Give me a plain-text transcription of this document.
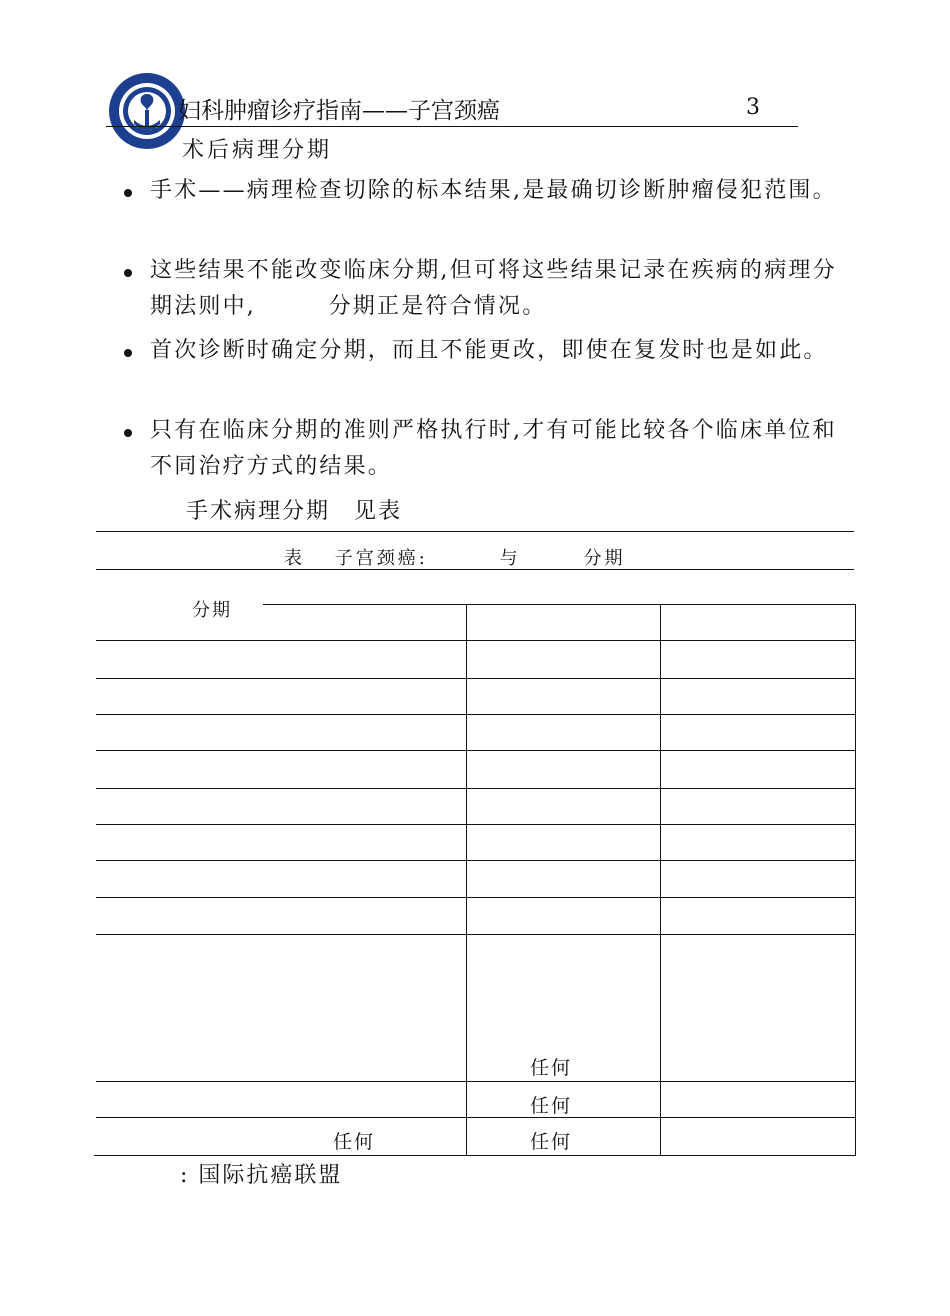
妇科肿瘤诊疗指南——子宫颈癌	3
术后病理分期
手术——病理检查切除的标本结果,是最确切诊断肿瘤侵犯范围。
这些结果不能改变临床分期,但可将这些结果记录在疾病的病理分期法则中,　　　分期正是符合情况。
首次诊断时确定分期，而且不能更改，即使在复发时也是如此。
只有在临床分期的准则严格执行时,才有可能比较各个临床单位和不同治疗方式的结果。
手术病理分期　见表
表　 子宫颈癌:　　　 与　　　分期
分期
任何
任何
任何	任何
: 国际抗癌联盟
